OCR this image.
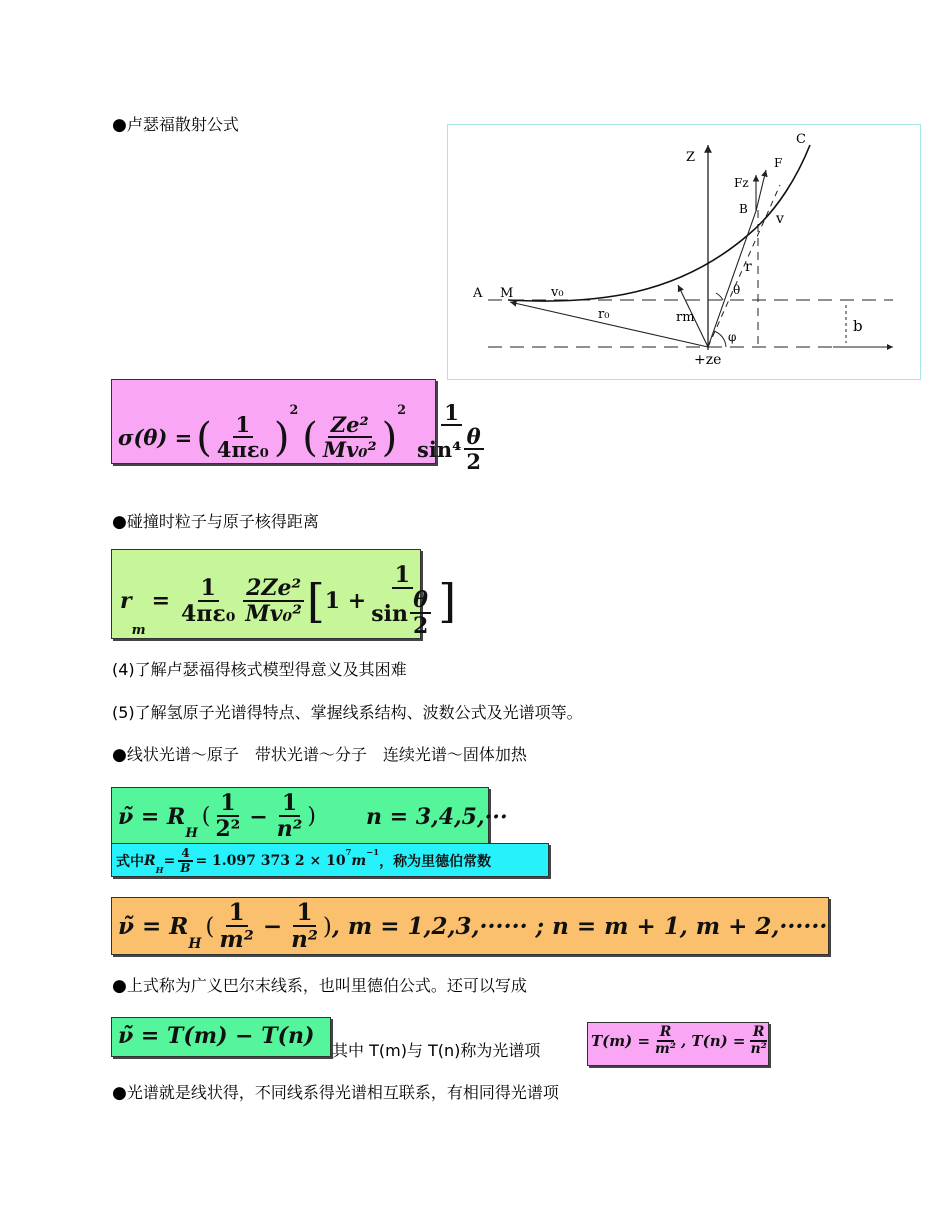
●卢瑟福散射公式
Z
C
F
Fz
B
v
r
θ
A M	v₀
r₀	rm
φ
b
+ze
σ(θ) = ( $\frac{1}{\text{4πε₀}}$ )
$^2$
( $\frac{\text{Ze²}}{\text{Mv₀²}}$ )
$^2 \frac{1}{\sin^4 \frac{\theta}{2}}$
●碰撞时粒子与原子核得距离
r
m
= $\frac{1}{\text{4πε₀}} \frac{\text{2Ze²}}{\text{Mv₀²}}$ [ $1 + \frac{1}{\sin \frac{\theta}{2}}$ ]
(4)了解卢瑟福得核式模型得意义及其困难
(5)了解氢原子光谱得特点、掌握线系结构、波数公式及光谱项等。
●线状光谱～原子　带状光谱～分子　连续光谱～固体加热
ν̃ = R
$_H$
( $\frac{1}{\text{2²}} - \frac{1}{\text{n²}}$ ) n = 3,4,5,···
式中 R
$_H$
= $\frac{4}{B} = 1.097$ 373 2 × 10
$^7$
m
$^{-1}$
，称为里德伯常数
ν̃ = R
$_H$
( $\frac{1}{\text{m²}} - \frac{1}{\text{n²}}$ ) , m = 1,2,3,······ ; n = m + 1, m + 2,······
●上式称为广义巴尔末线系，也叫里德伯公式。还可以写成
ν̃ = T(m) − T(n)
其中 T(m)与 T(n)称为光谱项	$T(m) = \frac{R}{\text{m²}}$ , $T(n) = \frac{R}{\text{n²}}$
●光谱就是线状得，不同线系得光谱相互联系，有相同得光谱项
